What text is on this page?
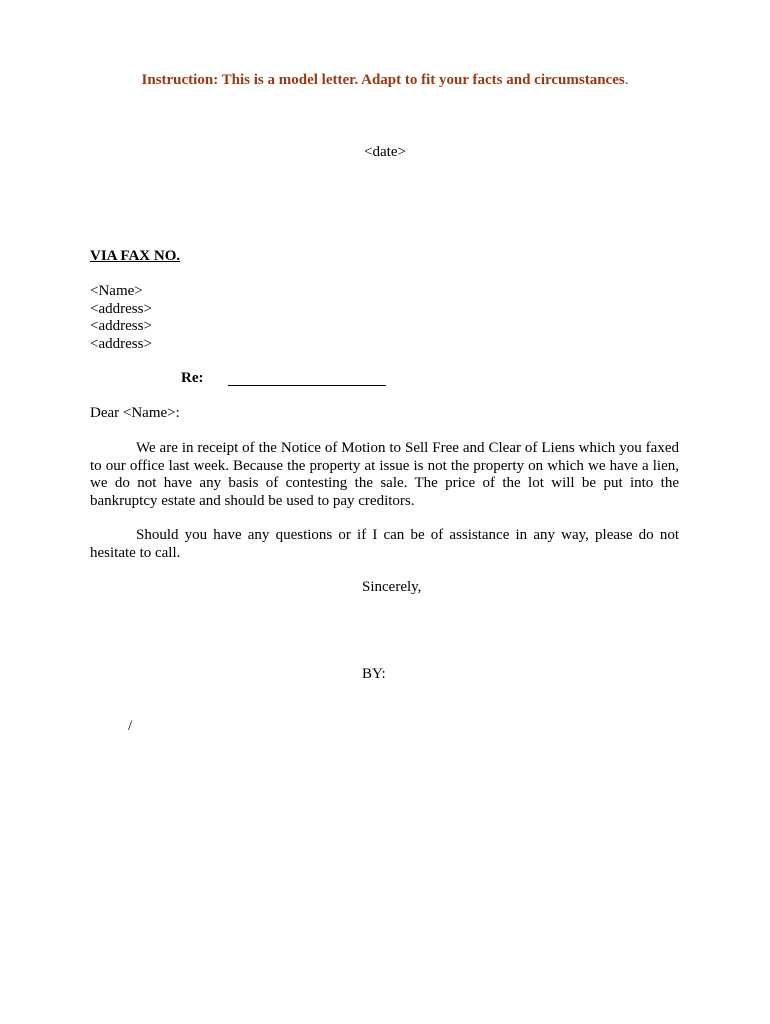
Instruction: This is a model letter. Adapt to fit your facts and circumstances.
<date>
VIA FAX NO.
<Name>
<address>
<address>
<address>
Re:
Dear <Name>:
We are in receipt of the Notice of Motion to Sell Free and Clear of Liens which you faxed to our office last week. Because the property at issue is not the property on which we have a lien, we do not have any basis of contesting the sale. The price of the lot will be put into the bankruptcy estate and should be used to pay creditors.
Should you have any questions or if I can be of assistance in any way, please do not hesitate to call.
Sincerely,
BY:
/
